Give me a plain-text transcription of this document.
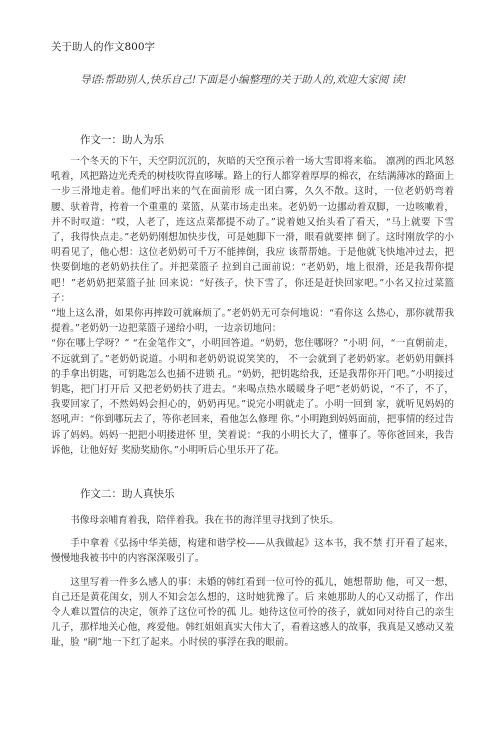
关于助人的作文800字
导语:帮助别人,快乐自己!下面是小编整理的关于助人的,欢迎大家阅 读!
作文一：助人为乐

一个冬天的下午，天空阴沉沉的，灰暗的天空预示着一场大雪即将来临。 凛冽的西北风怒吼着，风把路边光秃秃的树枝吹得直哆嗦。路上的行人都穿着厚厚的棉衣，在结满薄冰的路面上一步三滑地走着。他们呼出来的气在面前形 成一团白雾，久久不散。这时，一位老奶奶弯着腰、驮着背，挎着一个重重的 菜篮，从菜市场走出来。老奶奶一边挪动着双脚，一边咳嗽着，并不时叹道：“哎，人老了，连这点菜都提不动了。”说着她又抬头看了看天，“马上就要 下雪了，我得快点走。”老奶奶刚想加快步伐，可是她脚下一滑，眼看就要摔 倒了。这时刚放学的小明看见了，他心想：这位老奶奶可千万不能摔倒，我应 该帮帮她。于是他就飞快地冲过去，把快要倒地的老奶奶扶住了。并把菜篮子 拉到自己面前说：“老奶奶，地上很滑，还是我帮你提吧！”老奶奶把菜篮子扯 回来说：“好孩子，快下雪了，你还是赶快回家吧。”小名又拉过菜篮子：

“地上这么滑，如果你再摔跤可就麻烦了。”老奶奶无可奈何地说：“看你这 么热心，那你就帮我提着。”老奶奶一边把菜篮子递给小明，一边亲切地问：

“你在哪上学呀？” “在金笔作文”，小明回答道。“奶奶，您住哪呀？”小明 问，“一直朝前走，不远就到了。”老奶奶说道。小明和老奶奶说说笑笑的， 不一会就到了老奶奶家。老奶奶用颤抖的手拿出钥匙，可钥匙怎么也插不进锁 孔。“奶奶，把钥匙给我，还是我帮你开门吧。”小明接过钥匙，把门打开后 又把老奶奶扶了进去。“来喝点热水暖暖身子吧”老奶奶说，“不了，不了， 我要回家了，不然妈妈会担心的，奶奶再见。”说完小明就走了。小明一回到 家，就听见妈妈的怒吼声：“你到哪玩去了，等你老回来，看他怎么修理 你。”小明跑到妈妈面前，把事情的经过告诉了妈妈。妈妈一把把小明搂进怀 里，笑着说：“我的小明长大了，懂事了。等你爸回来，我告诉他，让他好好 奖励奖励你。”小明听后心里乐开了花。

作文二：助人真快乐

书像母亲哺育着我，陪伴着我。我在书的海洋里寻找到了快乐。

手中拿着《弘扬中华美德，构建和谐学校——从我做起》这本书，我不禁 打开看了起来，慢慢地我被书中的内容深深吸引了。

这里写着一件多么感人的事：未婚的韩红看到一位可怜的孤儿，她想帮助 他，可又一想，自己还是黄花闺女，别人不知会怎么想的，这时她犹豫了。后 来她那助人的心又动摇了，作出令人难以置信的决定，领养了这位可怜的孤 儿。她待这位可怜的孩子，就如同对待自己的亲生儿子，那样地关心他，疼爱他。韩红姐姐真实大伟大了，看着这感人的故事，我真是又感动又羞耻，脸 “刷”地一下红了起来。小时侯的事浮在我的眼前。
